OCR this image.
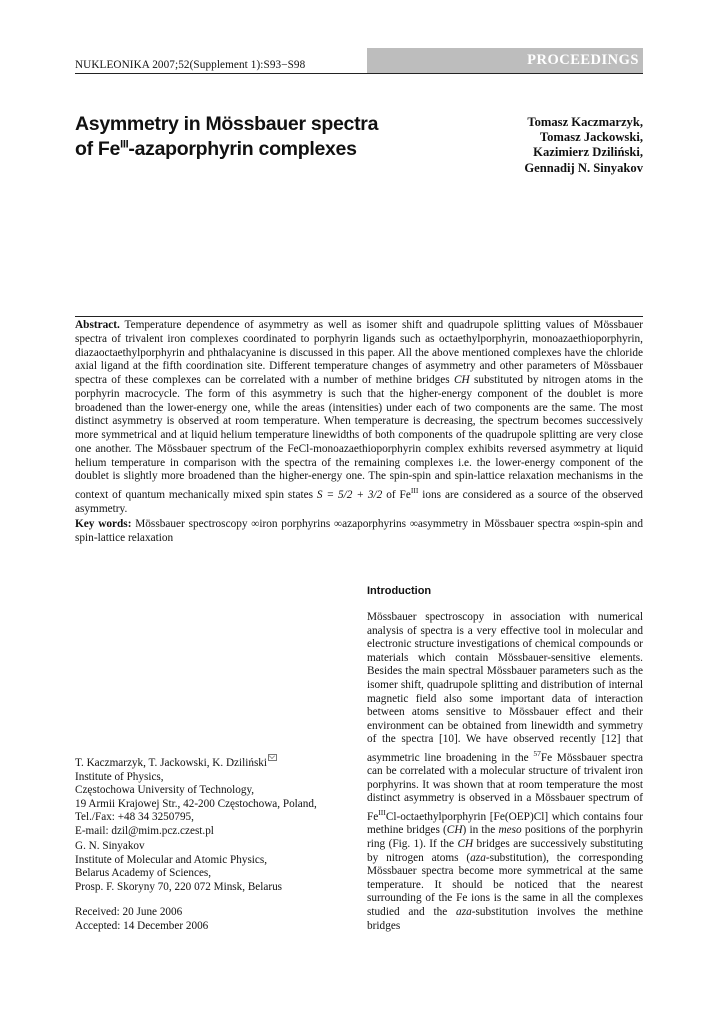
NUKLEONIKA 2007;52(Supplement 1):S93−S98	PROCEEDINGS
Asymmetry in Mössbauer spectra
of $Fe^{III}$-azaporphyrin complexes
Tomasz Kaczmarzyk,
Tomasz Jackowski,
Kazimierz Dziliński,
Gennadij N. Sinyakov
Abstract. Temperature dependence of asymmetry as well as isomer shift and quadrupole splitting values of Mössbauer spectra of trivalent iron complexes coordinated to porphyrin ligands such as octaethylporphyrin, monoazaethioporphyrin, diazaoctaethylporphyrin and phthalacyanine is discussed in this paper. All the above mentioned complexes have the chloride axial ligand at the fifth coordination site. Different temperature changes of asymmetry and other parameters of Mössbauer spectra of these complexes can be correlated with a number of methine bridges CH substituted by nitrogen atoms in the porphyrin macrocycle. The form of this asymmetry is such that the higher-energy component of the doublet is more broadened than the lower-energy one, while the areas (intensities) under each of two components are the same. The most distinct asymmetry is observed at room temperature. When temperature is decreasing, the spectrum becomes successively more symmetrical and at liquid helium temperature linewidths of both components of the quadrupole splitting are very close one another. The Mössbauer spectrum of the FeCl-monoazaethioporphyrin complex exhibits reversed asymmetry at liquid helium temperature in comparison with the spectra of the remaining complexes i.e. the lower-energy component of the doublet is slightly more broadened than the higher-energy one. The spin-spin and spin-lattice relaxation mechanisms in the context of quantum mechanically mixed spin states S = 5/2 + 3/2 of $Fe^{III}$ ions are considered as a source of the observed asymmetry.
Key words: Mössbauer spectroscopy ∞iron porphyrins ∞azaporphyrins ∞asymmetry in Mössbauer spectra ∞spin-spin and spin-lattice relaxation
Introduction
Mössbauer spectroscopy in association with numerical analysis of spectra is a very effective tool in molecular and electronic structure investigations of chemical compounds or materials which contain Mössbauer-sensitive elements. Besides the main spectral Mössbauer parameters such as the isomer shift, quadrupole splitting and distribution of internal magnetic field also some important data of interaction between atoms sensitive to Mössbauer effect and their environment can be obtained from linewidth and symmetry of the spectra [10]. We have observed recently [12] that asymmetric line broadening in the $^{57}$Fe Mössbauer spectra can be correlated with a molecular structure of trivalent iron porphyrins. It was shown that at room temperature the most distinct asymmetry is observed in a Mössbauer spectrum of $Fe^{III}Cl$-octaethylporphyrin [Fe(OEP)Cl] which contains four methine bridges (CH) in the meso positions of the porphyrin ring (Fig. 1). If the CH bridges are successively substituting by nitrogen atoms (aza-substitution), the corresponding Mössbauer spectra become more symmetrical at the same temperature. It should be noticed that the nearest surrounding of the Fe ions is the same in all the complexes studied and the aza-substitution involves the methine bridges
T. Kaczmarzyk, T. Jackowski, K. Dziliński
Institute of Physics,
Częstochowa University of Technology,
19 Armii Krajowej Str., 42-200 Częstochowa, Poland,
Tel./Fax: +48 34 3250795,
E-mail: dzil@mim.pcz.czest.pl
G. N. Sinyakov
Institute of Molecular and Atomic Physics,
Belarus Academy of Sciences,
Prosp. F. Skoryny 70, 220 072 Minsk, Belarus
Received: 20 June 2006
Accepted: 14 December 2006
